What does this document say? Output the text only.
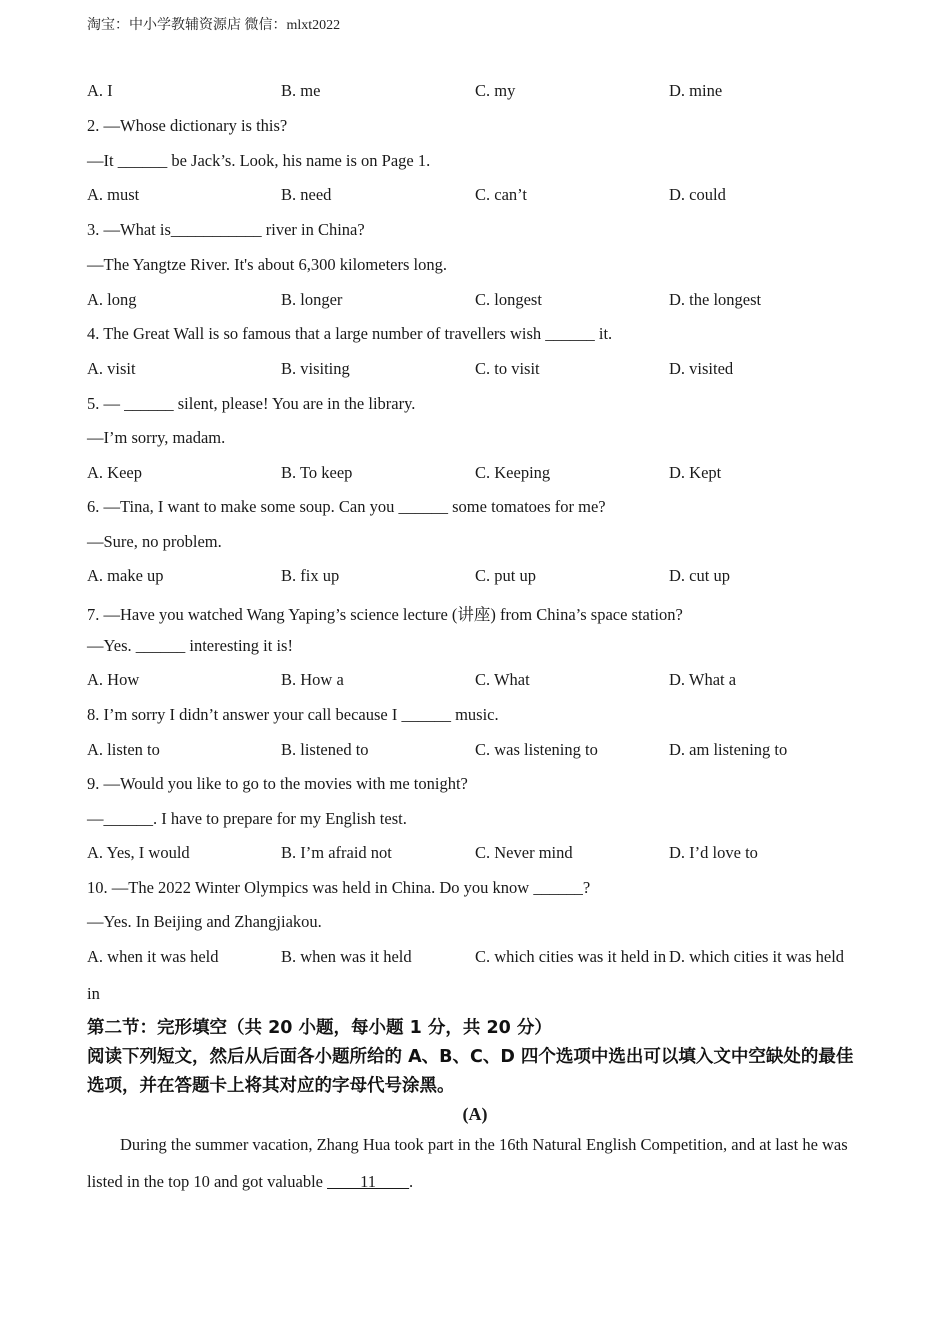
淘宝：中小学教辅资源店 微信：mlxt2022
A. I	B. me	C. my	D. mine
2. —Whose dictionary is this?
—It ______ be Jack’s. Look, his name is on Page 1.
A. must	B. need	C. can’t	D. could
3. —What is___________ river in China?
—The Yangtze River. It's about 6,300 kilometers long.
A. long	B. longer	C. longest	D. the longest
4. The Great Wall is so famous that a large number of travellers wish ______ it.
A. visit	B. visiting	C. to visit	D. visited
5. — ______ silent, please! You are in the library.
—I’m sorry, madam.
A. Keep	B. To keep	C. Keeping	D. Kept
6. —Tina, I want to make some soup. Can you ______ some tomatoes for me?
—Sure, no problem.
A. make up	B. fix up	C. put up	D. cut up
7. —Have you watched Wang Yaping’s science lecture (讲座) from China’s space station?
—Yes. ______ interesting it is!
A. How	B. How a	C. What	D. What a
8. I’m sorry I didn’t answer your call because I ______ music.
A. listen to	B. listened to	C. was listening to	D. am listening to
9. —Would you like to go to the movies with me tonight?
—______. I have to prepare for my English test.
A. Yes, I would	B. I’m afraid not	C. Never mind	D. I’d love to
10. —The 2022 Winter Olympics was held in China. Do you know ______?
—Yes. In Beijing and Zhangjiakou.
A. when it was held	B. when was it held	C. which cities was it held in D. which cities it was held
in
第二节：完形填空（共 20 小题，每小题 1 分，共 20 分）
阅读下列短文，然后从后面各小题所给的 A、B、C、D 四个选项中选出可以填入文中空缺处的最佳选项，并在答题卡上将其对应的字母代号涂黑。
(A)
During the summer vacation, Zhang Hua took part in the 16th Natural English Competition, and at last he was
listed in the top 10 and got valuable ____11____.
